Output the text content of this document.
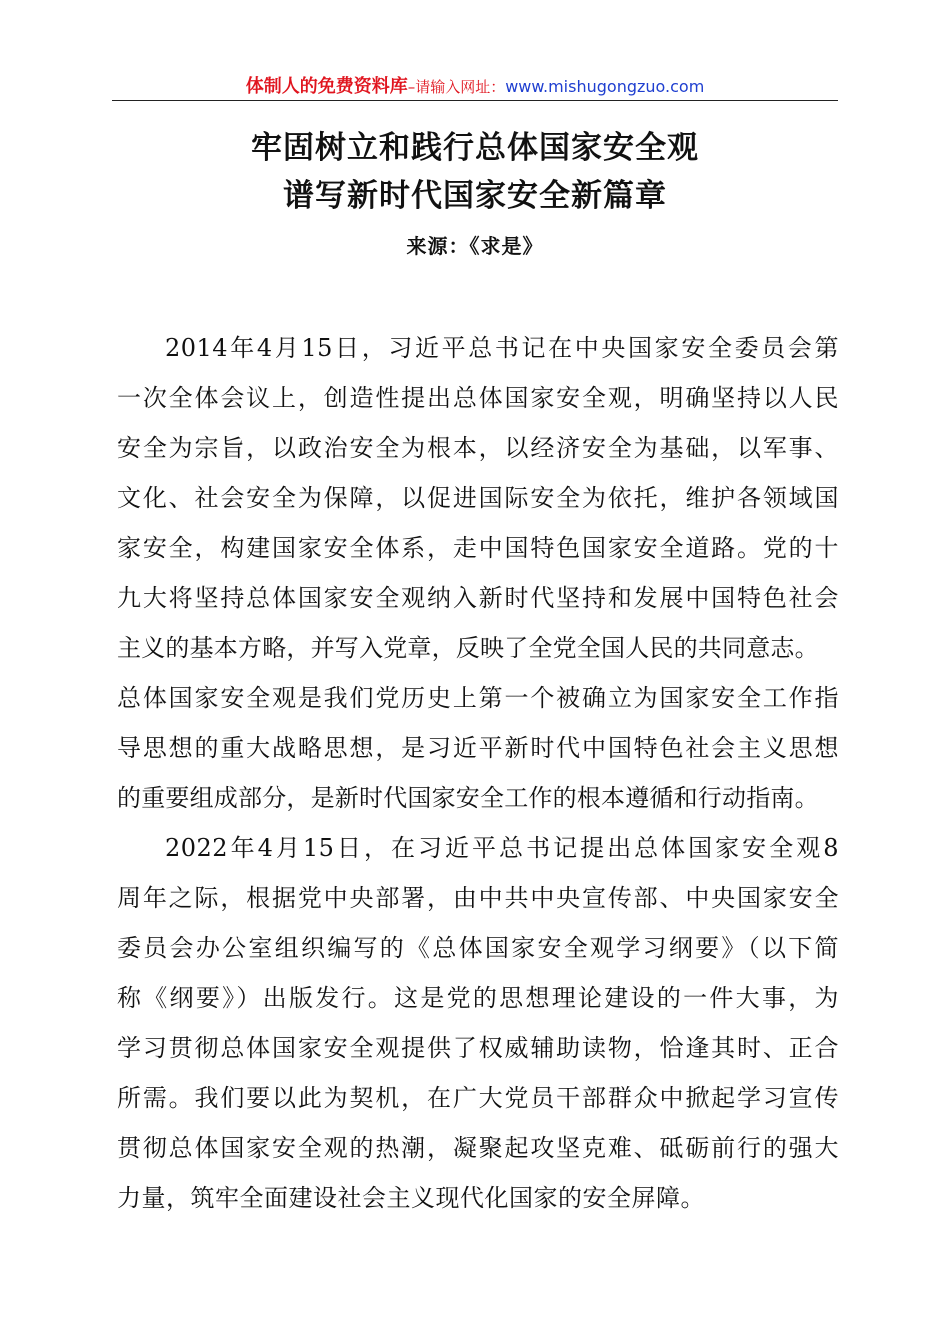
体制人的免费资料库–请输入网址：www.mishugongzuo.com
牢固树立和践行总体国家安全观
谱写新时代国家安全新篇章
来源：《求是》
2014年4月15日，习近平总书记在中央国家安全委员会第
一次全体会议上，创造性提出总体国家安全观，明确坚持以人民
安全为宗旨，以政治安全为根本，以经济安全为基础，以军事、
文化、社会安全为保障，以促进国际安全为依托，维护各领域国
家安全，构建国家安全体系，走中国特色国家安全道路。党的十
九大将坚持总体国家安全观纳入新时代坚持和发展中国特色社会
主义的基本方略，并写入党章，反映了全党全国人民的共同意志。
总体国家安全观是我们党历史上第一个被确立为国家安全工作指
导思想的重大战略思想，是习近平新时代中国特色社会主义思想
的重要组成部分，是新时代国家安全工作的根本遵循和行动指南。
2022年4月15日，在习近平总书记提出总体国家安全观8
周年之际，根据党中央部署，由中共中央宣传部、中央国家安全
委员会办公室组织编写的《总体国家安全观学习纲要》（以下简
称《纲要》）出版发行。这是党的思想理论建设的一件大事，为
学习贯彻总体国家安全观提供了权威辅助读物，恰逢其时、正合
所需。我们要以此为契机，在广大党员干部群众中掀起学习宣传
贯彻总体国家安全观的热潮，凝聚起攻坚克难、砥砺前行的强大
力量，筑牢全面建设社会主义现代化国家的安全屏障。
